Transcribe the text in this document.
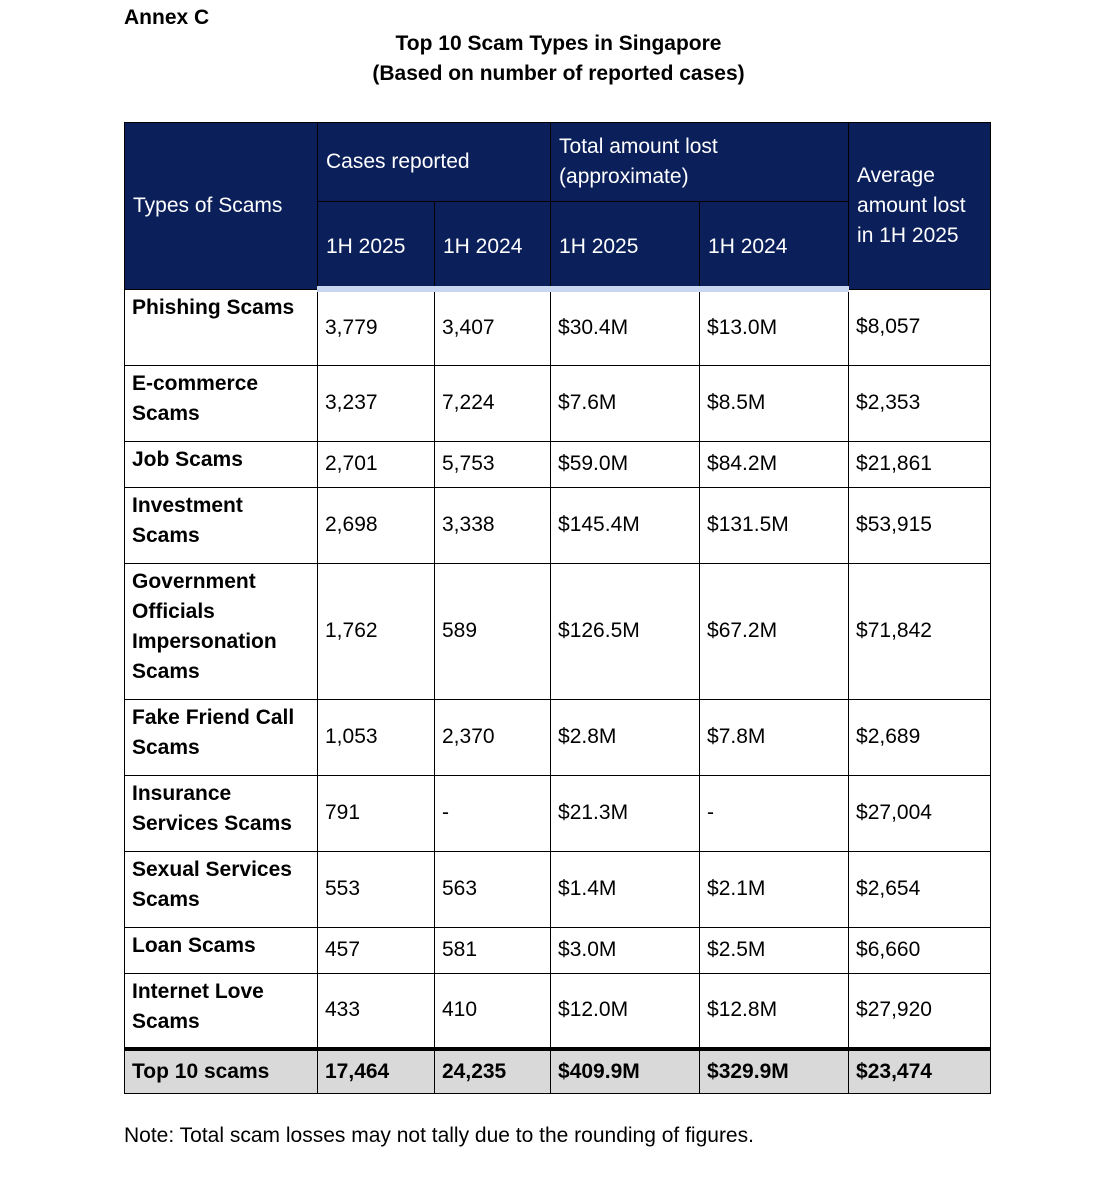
Annex C
Top 10 Scam Types in Singapore
(Based on number of reported cases)
Types of Scams	Cases reported		Total amount lost (approximate)		Average amount lost in 1H 2025
	1H 2025	1H 2024	1H 2025	1H 2024	
Phishing Scams	3,779	3,407	$30.4M	$13.0M	$8,057
E-commerce Scams	3,237	7,224	$7.6M	$8.5M	$2,353
Job Scams	2,701	5,753	$59.0M	$84.2M	$21,861
Investment Scams	2,698	3,338	$145.4M	$131.5M	$53,915
Government Officials Impersonation Scams	1,762	589	$126.5M	$67.2M	$71,842
Fake Friend Call Scams	1,053	2,370	$2.8M	$7.8M	$2,689
Insurance Services Scams	791	-	$21.3M	-	$27,004
Sexual Services Scams	553	563	$1.4M	$2.1M	$2,654
Loan Scams	457	581	$3.0M	$2.5M	$6,660
Internet Love Scams	433	410	$12.0M	$12.8M	$27,920
Top 10 scams	17,464	24,235	$409.9M	$329.9M	$23,474
Note: Total scam losses may not tally due to the rounding of figures.
